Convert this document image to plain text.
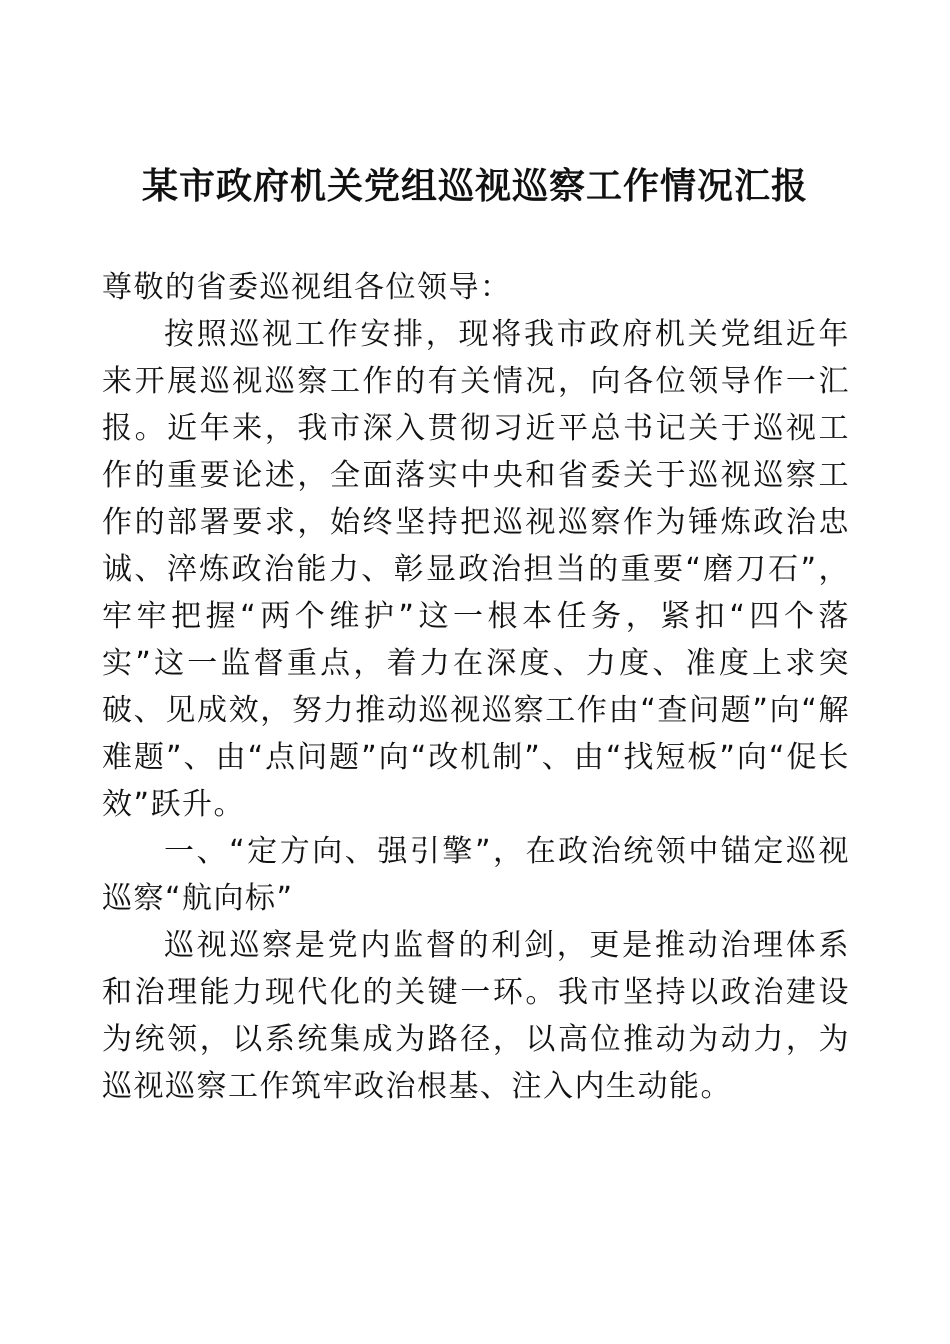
某市政府机关党组巡视巡察工作情况汇报

尊敬的省委巡视组各位领导：

按照巡视工作安排，现将我市政府机关党组近年来开展巡视巡察工作的有关情况，向各位领导作一汇报。近年来，我市深入贯彻习近平总书记关于巡视工作的重要论述，全面落实中央和省委关于巡视巡察工作的部署要求，始终坚持把巡视巡察作为锤炼政治忠诚、淬炼政治能力、彰显政治担当的重要“磨刀石”，牢牢把握“两个维护”这一根本任务，紧扣“四个落实”这一监督重点，着力在深度、力度、准度上求突破、见成效，努力推动巡视巡察工作由“查问题”向“解难题”、由“点问题”向“改机制”、由“找短板”向“促长效”跃升。

一、“定方向、强引擎”，在政治统领中锚定巡视巡察“航向标”

巡视巡察是党内监督的利剑，更是推动治理体系和治理能力现代化的关键一环。我市坚持以政治建设为统领，以系统集成为路径，以高位推动为动力，为巡视巡察工作筑牢政治根基、注入内生动能。
